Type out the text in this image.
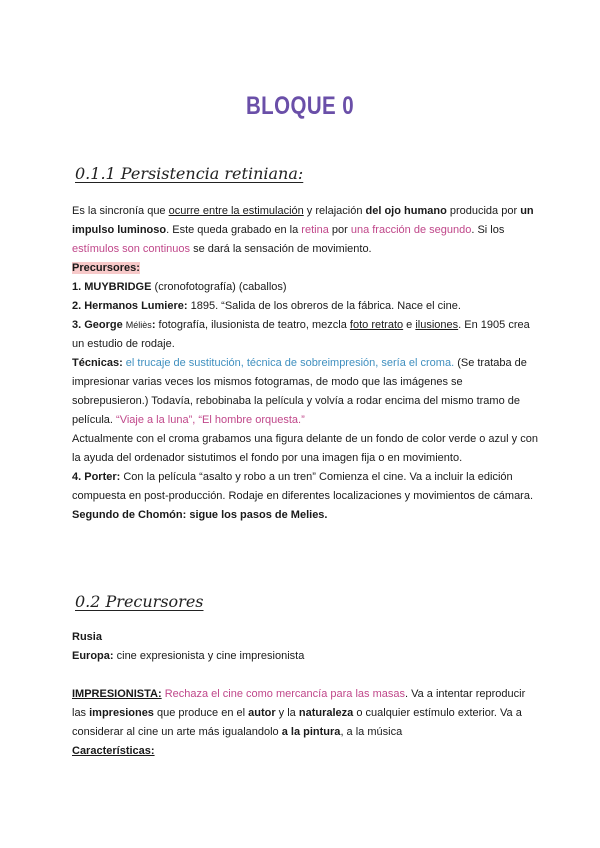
BLOQUE 0
0.1.1 Persistencia retiniana:

Es la sincronía que ocurre entre la estimulación y relajación del ojo humano producida por un impulso luminoso. Este queda grabado en la retina por una fracción de segundo. Si los estímulos son continuos se dará la sensación de movimiento.

Precursores:

1. MUYBRIDGE (cronofotografía) (caballos)

2. Hermanos Lumiere: 1895. “Salida de los obreros de la fábrica. Nace el cine.

3. George Méliès: fotografía, ilusionista de teatro, mezcla foto retrato e ilusiones. En 1905 crea un estudio de rodaje.

Técnicas: el trucaje de sustitución, técnica de sobreimpresión, sería el croma. (Se trataba de impresionar varias veces los mismos fotogramas, de modo que las imágenes se sobrepusieron.) Todavía, rebobinaba la película y volvía a rodar encima del mismo tramo de película. “Viaje a la luna”, “El hombre orquesta.”

Actualmente con el croma grabamos una figura delante de un fondo de color verde o azul y con la ayuda del ordenador sistutimos el fondo por una imagen fija o en movimiento.

4. Porter: Con la película “asalto y robo a un tren” Comienza el cine. Va a incluir la edición compuesta en post-producción. Rodaje en diferentes localizaciones y movimientos de cámara.

Segundo de Chomón: sigue los pasos de Melies.

0.2 Precursores

Rusia

Europa: cine expresionista y cine impresionista

IMPRESIONISTA: Rechaza el cine como mercancía para las masas. Va a intentar reproducir las impresiones que produce en el autor y la naturaleza o cualquier estímulo exterior. Va a considerar al cine un arte más igualandolo a la pintura, a la música

Características:
